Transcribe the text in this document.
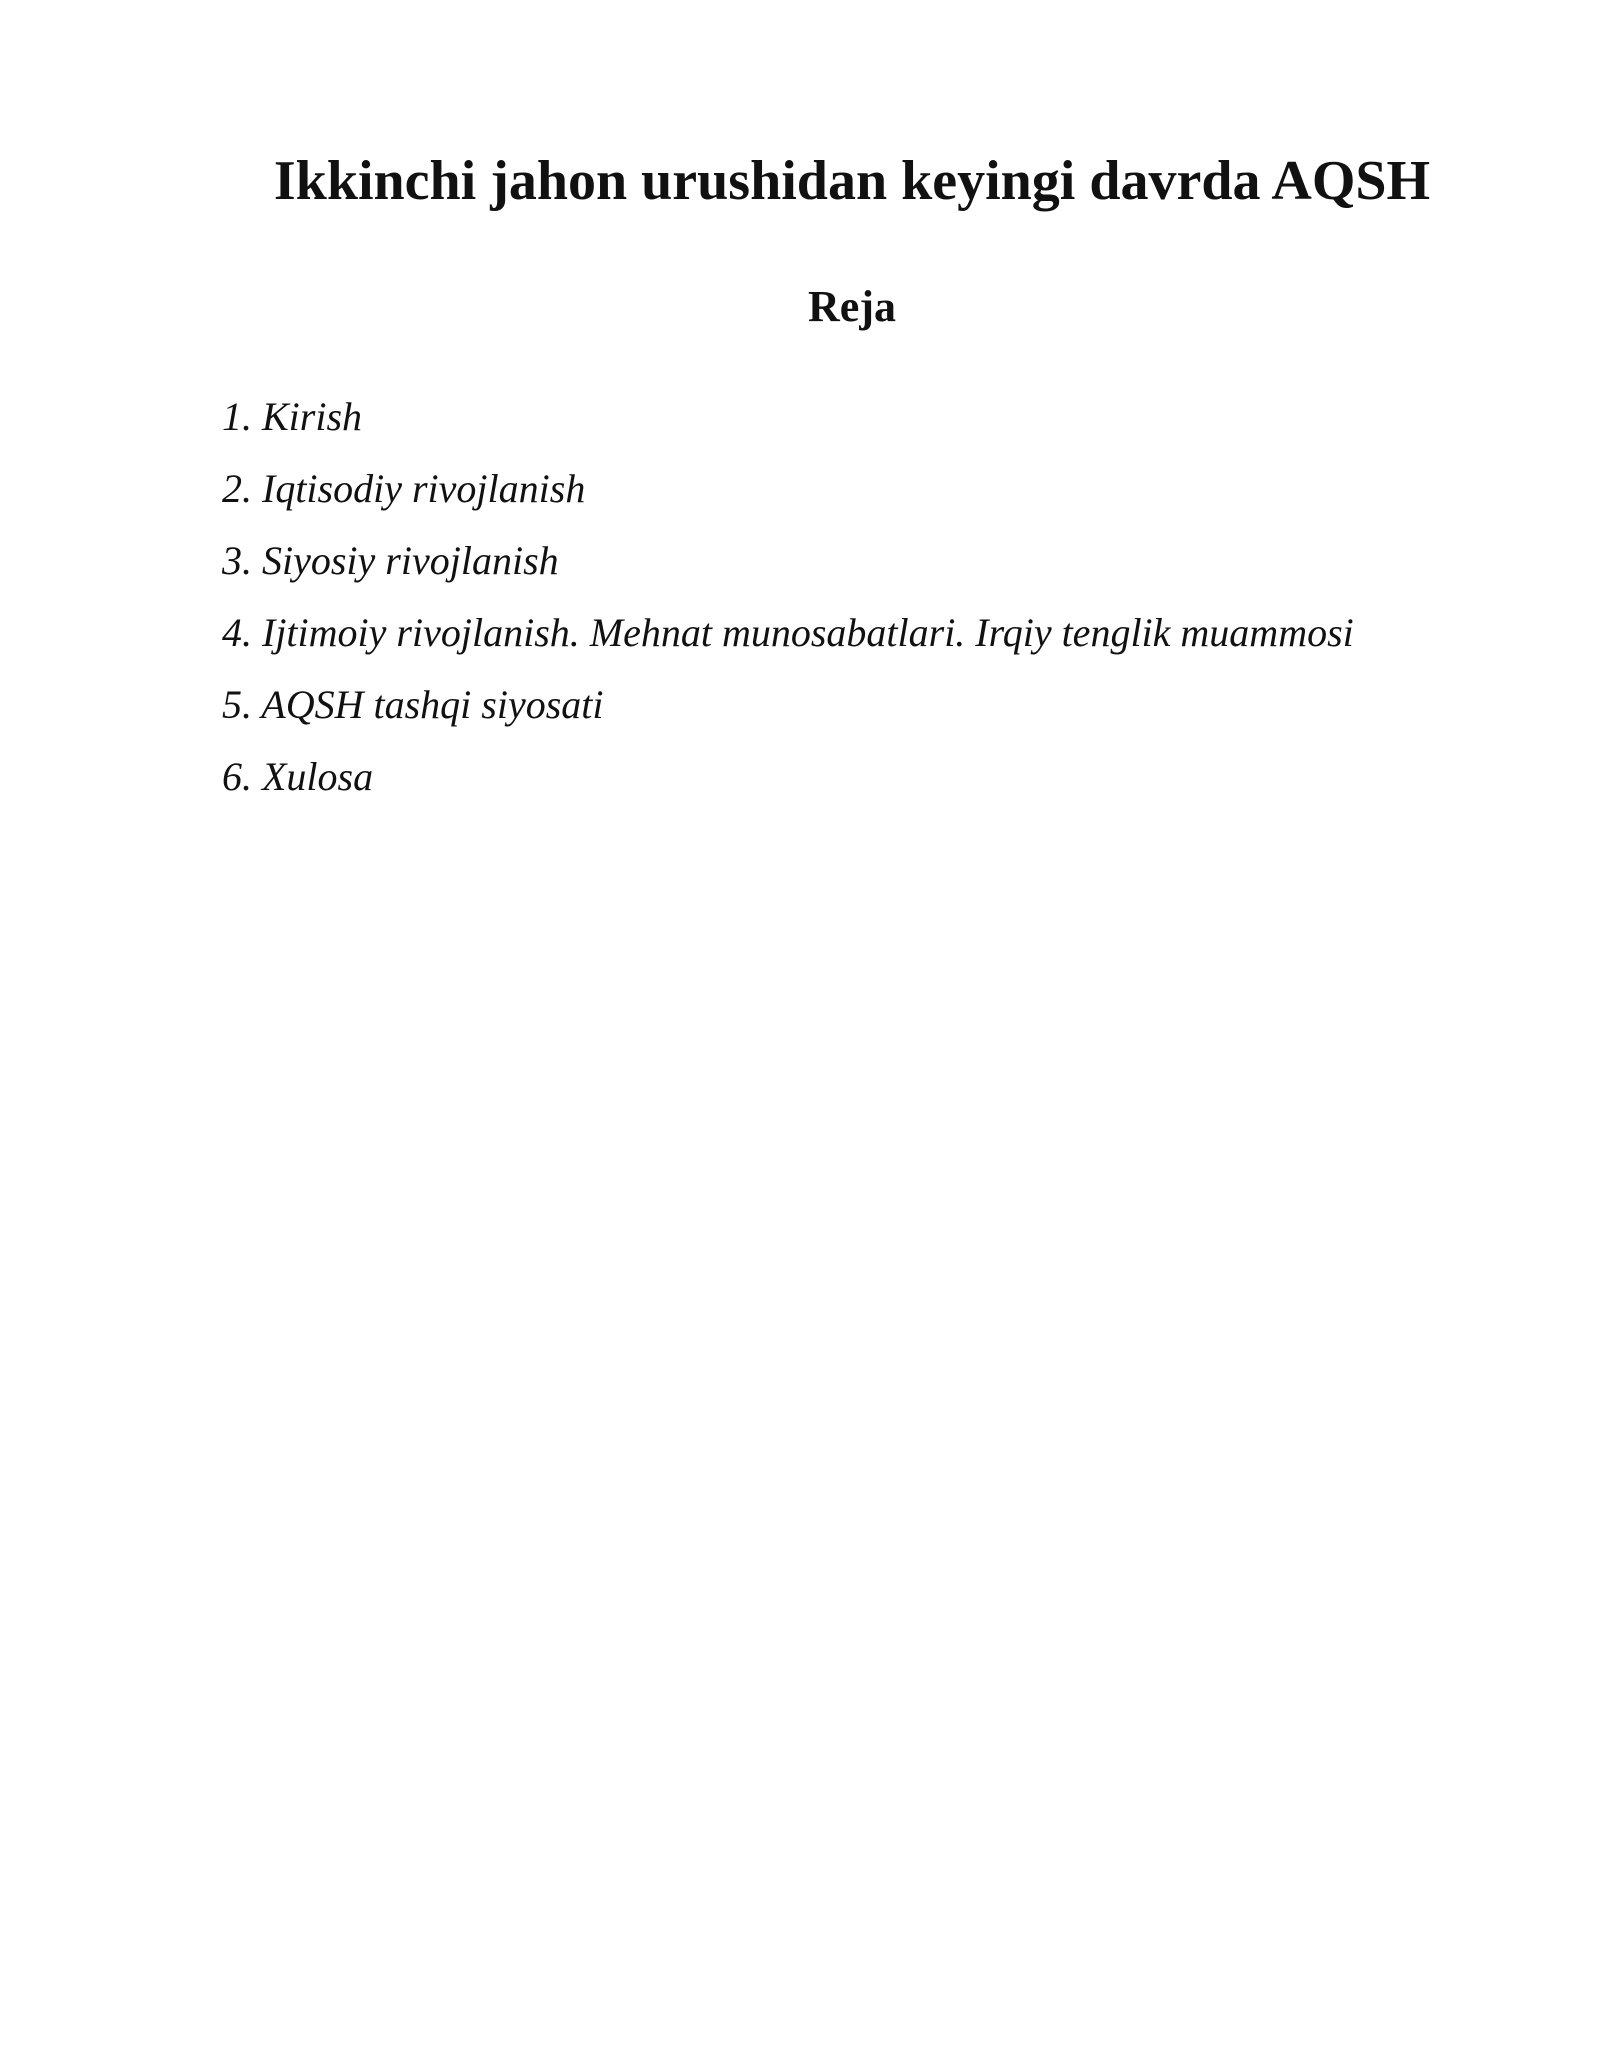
Ikkinchi jahon urushidan keyingi davrda AQSH
Reja
1. Kirish
2. Iqtisodiy rivojlanish
3. Siyosiy rivojlanish
4. Ijtimoiy rivojlanish. Mehnat munosabatlari. Irqiy tenglik muammosi
5. AQSH tashqi siyosati
6. Xulosa
